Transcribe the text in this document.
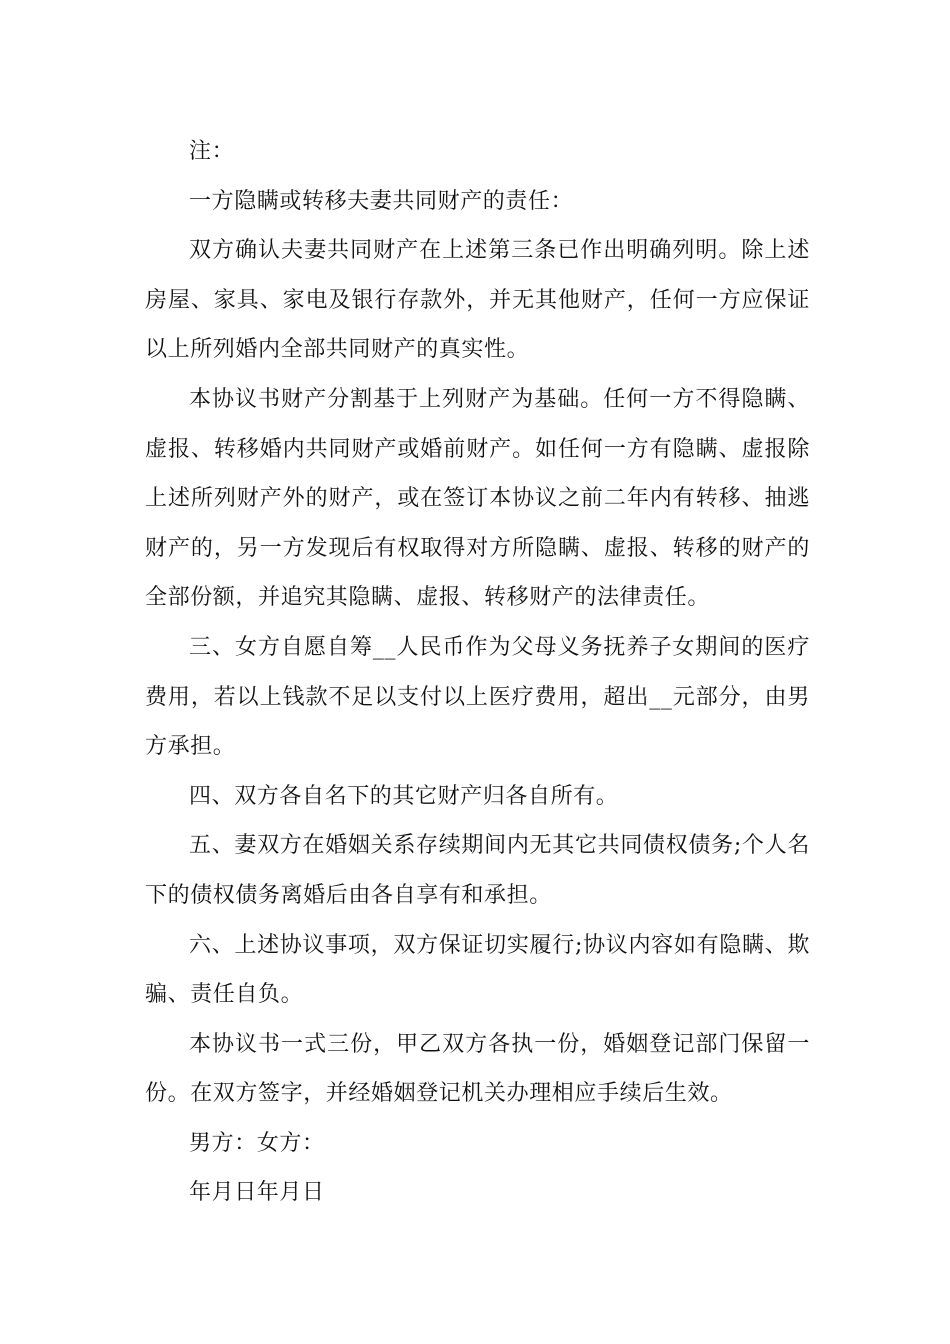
注：

一方隐瞒或转移夫妻共同财产的责任：

双方确认夫妻共同财产在上述第三条已作出明确列明。除上述房屋、家具、家电及银行存款外，并无其他财产，任何一方应保证以上所列婚内全部共同财产的真实性。

本协议书财产分割基于上列财产为基础。任何一方不得隐瞒、虚报、转移婚内共同财产或婚前财产。如任何一方有隐瞒、虚报除上述所列财产外的财产，或在签订本协议之前二年内有转移、抽逃财产的，另一方发现后有权取得对方所隐瞒、虚报、转移的财产的全部份额，并追究其隐瞒、虚报、转移财产的法律责任。

三、女方自愿自筹__人民币作为父母义务抚养子女期间的医疗费用，若以上钱款不足以支付以上医疗费用，超出__元部分，由男方承担。

四、双方各自名下的其它财产归各自所有。

五、妻双方在婚姻关系存续期间内无其它共同债权债务;个人名下的债权债务离婚后由各自享有和承担。

六、上述协议事项，双方保证切实履行;协议内容如有隐瞒、欺骗、责任自负。

本协议书一式三份，甲乙双方各执一份，婚姻登记部门保留一份。在双方签字，并经婚姻登记机关办理相应手续后生效。

男方：女方：

年月日年月日
